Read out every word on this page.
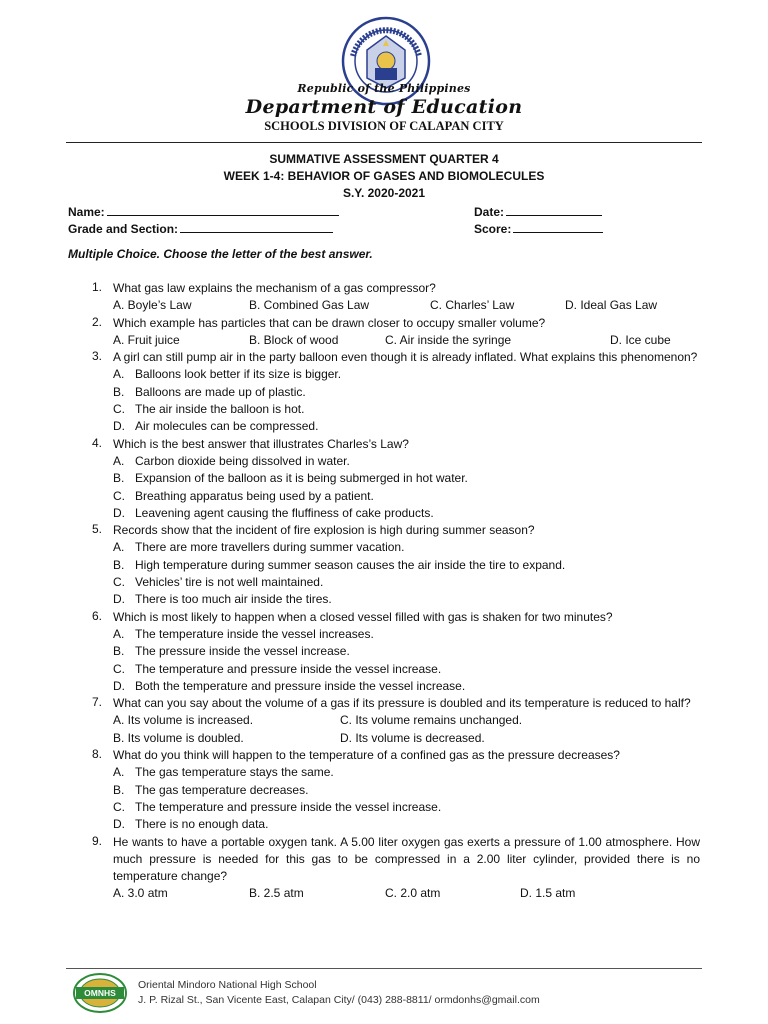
Republic of the Philippines
Department of Education
SCHOOLS DIVISION OF CALAPAN CITY
SUMMATIVE ASSESSMENT QUARTER 4
WEEK 1-4: BEHAVIOR OF GASES AND BIOMOLECULES
S.Y. 2020-2021
Name:
Grade and Section:
Date:
Score:
Multiple Choice. Choose the letter of the best answer.
1. What gas law explains the mechanism of a gas compressor?
A. Boyle’s Law	B. Combined Gas Law	C. Charles’ Law	D. Ideal Gas Law
2. Which example has particles that can be drawn closer to occupy smaller volume?
A. Fruit juice	B. Block of wood	C. Air inside the syringe	D. Ice cube
3. A girl can still pump air in the party balloon even though it is already inflated. What explains this phenomenon?
A. Balloons look better if its size is bigger.
B. Balloons are made up of plastic.
C. The air inside the balloon is hot.
D. Air molecules can be compressed.
4. Which is the best answer that illustrates Charles’s Law?
A. Carbon dioxide being dissolved in water.
B. Expansion of the balloon as it is being submerged in hot water.
C. Breathing apparatus being used by a patient.
D. Leavening agent causing the fluffiness of cake products.
5. Records show that the incident of fire explosion is high during summer season?
A. There are more travellers during summer vacation.
B. High temperature during summer season causes the air inside the tire to expand.
C. Vehicles’ tire is not well maintained.
D. There is too much air inside the tires.
6. Which is most likely to happen when a closed vessel filled with gas is shaken for two minutes?
A. The temperature inside the vessel increases.
B. The pressure inside the vessel increase.
C. The temperature and pressure inside the vessel increase.
D. Both the temperature and pressure inside the vessel increase.
7. What can you say about the volume of a gas if its pressure is doubled and its temperature is reduced to half?
A. Its volume is increased.	C. Its volume remains unchanged.
B. Its volume is doubled.	D. Its volume is decreased.
8. What do you think will happen to the temperature of a confined gas as the pressure decreases?
A. The gas temperature stays the same.
B. The gas temperature decreases.
C. The temperature and pressure inside the vessel increase.
D. There is no enough data.
9. He wants to have a portable oxygen tank. A 5.00 liter oxygen gas exerts a pressure of 1.00 atmosphere. How much pressure is needed for this gas to be compressed in a 2.00 liter cylinder, provided there is no temperature change?
A. 3.0 atm	B. 2.5 atm	C. 2.0 atm	D. 1.5 atm
OMNHS
Oriental Mindoro National High School
J. P. Rizal St., San Vicente East, Calapan City/ (043) 288-8811/ ormdonhs@gmail.com
